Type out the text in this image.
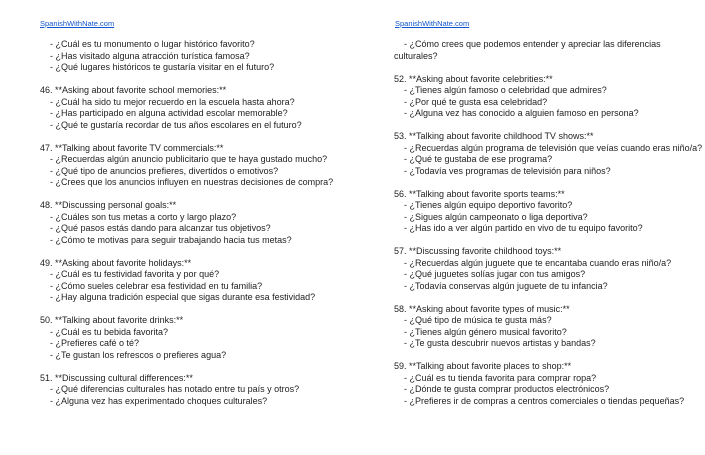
SpanishWithNate.com
- ¿Cuál es tu monumento o lugar histórico favorito?
- ¿Has visitado alguna atracción turística famosa?
- ¿Qué lugares históricos te gustaría visitar en el futuro?
46. **Asking about favorite school memories:**
- ¿Cuál ha sido tu mejor recuerdo en la escuela hasta ahora?
- ¿Has participado en alguna actividad escolar memorable?
- ¿Qué te gustaría recordar de tus años escolares en el futuro?
47. **Talking about favorite TV commercials:**
- ¿Recuerdas algún anuncio publicitario que te haya gustado mucho?
- ¿Qué tipo de anuncios prefieres, divertidos o emotivos?
- ¿Crees que los anuncios influyen en nuestras decisiones de compra?
48. **Discussing personal goals:**
- ¿Cuáles son tus metas a corto y largo plazo?
- ¿Qué pasos estás dando para alcanzar tus objetivos?
- ¿Cómo te motivas para seguir trabajando hacia tus metas?
49. **Asking about favorite holidays:**
- ¿Cuál es tu festividad favorita y por qué?
- ¿Cómo sueles celebrar esa festividad en tu familia?
- ¿Hay alguna tradición especial que sigas durante esa festividad?
50. **Talking about favorite drinks:**
- ¿Cuál es tu bebida favorita?
- ¿Prefieres café o té?
- ¿Te gustan los refrescos o prefieres agua?
51. **Discussing cultural differences:**
- ¿Qué diferencias culturales has notado entre tu país y otros?
- ¿Alguna vez has experimentado choques culturales?
SpanishWithNate.com
- ¿Cómo crees que podemos entender y apreciar las diferencias
culturales?
52. **Asking about favorite celebrities:**
- ¿Tienes algún famoso o celebridad que admires?
- ¿Por qué te gusta esa celebridad?
- ¿Alguna vez has conocido a alguien famoso en persona?
53. **Talking about favorite childhood TV shows:**
- ¿Recuerdas algún programa de televisión que veías cuando eras niño/a?
- ¿Qué te gustaba de ese programa?
- ¿Todavía ves programas de televisión para niños?
56. **Talking about favorite sports teams:**
- ¿Tienes algún equipo deportivo favorito?
- ¿Sigues algún campeonato o liga deportiva?
- ¿Has ido a ver algún partido en vivo de tu equipo favorito?
57. **Discussing favorite childhood toys:**
- ¿Recuerdas algún juguete que te encantaba cuando eras niño/a?
- ¿Qué juguetes solías jugar con tus amigos?
- ¿Todavía conservas algún juguete de tu infancia?
58. **Asking about favorite types of music:**
- ¿Qué tipo de música te gusta más?
- ¿Tienes algún género musical favorito?
- ¿Te gusta descubrir nuevos artistas y bandas?
59. **Talking about favorite places to shop:**
- ¿Cuál es tu tienda favorita para comprar ropa?
- ¿Dónde te gusta comprar productos electrónicos?
- ¿Prefieres ir de compras a centros comerciales o tiendas pequeñas?
